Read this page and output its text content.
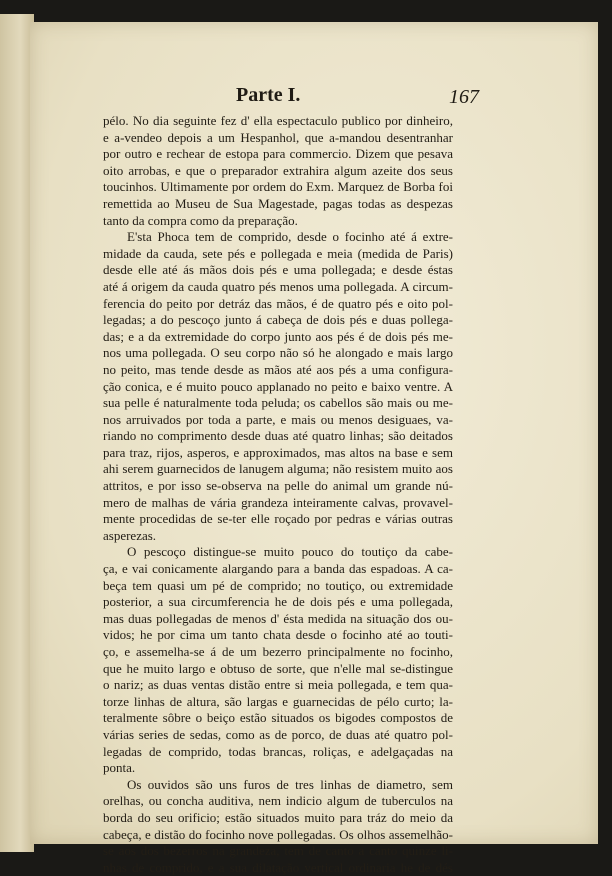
Parte I.	167
pélo. No dia seguinte fez d' ella espectaculo publico por dinheiro,
e a-vendeo depois a um Hespanhol, que a-mandou desentranhar
por outro e rechear de estopa para commercio. Dizem que pesava
oito arrobas, e que o preparador extrahira algum azeite dos seus
toucinhos. Ultimamente por ordem do Exm. Marquez de Borba foi
remettida ao Museu de Sua Magestade, pagas todas as despezas
tanto da compra como da preparação.
E'sta Phoca tem de comprido, desde o focinho até á extre-
midade da cauda, sete pés e pollegada e meia (medida de Paris)
desde elle até ás mãos dois pés e uma pollegada; e desde éstas
até á origem da cauda quatro pés menos uma pollegada. A circum-
ferencia do peito por detráz das mãos, é de quatro pés e oito pol-
legadas; a do pescoço junto á cabeça de dois pés e duas pollega-
das; e a da extremidade do corpo junto aos pés é de dois pés me-
nos uma pollegada. O seu corpo não só he alongado e mais largo
no peito, mas tende desde as mãos até aos pés a uma configura-
ção conica, e é muito pouco applanado no peito e baixo ventre. A
sua pelle é naturalmente toda peluda; os cabellos são mais ou me-
nos arruivados por toda a parte, e mais ou menos desiguaes, va-
riando no comprimento desde duas até quatro linhas; são deitados
para traz, rijos, asperos, e approximados, mas altos na base e sem
ahi serem guarnecidos de lanugem alguma; não resistem muito aos
attritos, e por isso se-observa na pelle do animal um grande nú-
mero de malhas de vária grandeza inteiramente calvas, provavel-
mente procedidas de se-ter elle roçado por pedras e várias outras
asperezas.
O pescoço distingue-se muito pouco do toutiço da cabe-
ça, e vai conicamente alargando para a banda das espadoas. A ca-
beça tem quasi um pé de comprido; no toutiço, ou extremidade
posterior, a sua circumferencia he de dois pés e uma pollegada,
mas duas pollegadas de menos d' ésta medida na situação dos ou-
vidos; he por cima um tanto chata desde o focinho até ao touti-
ço, e assemelha-se á de um bezerro principalmente no focinho,
que he muito largo e obtuso de sorte, que n'elle mal se-distingue
o nariz; as duas ventas distão entre si meia pollegada, e tem qua-
torze linhas de altura, são largas e guarnecidas de pélo curto; la-
teralmente sôbre o beiço estão situados os bigodes compostos de
várias series de sedas, como as de porco, de duas até quatro pol-
legadas de comprido, todas brancas, roliças, e adelgaçadas na
ponta.
Os ouvidos são uns furos de tres linhas de diametro, sem
orelhas, ou concha auditiva, nem indicio algum de tuberculos na
borda do seu orificio; estão situados muito para tráz do meio da
cabeça, e distão do focinho nove pollegadas. Os olhos assemelhão-
se aos dos bezerros na grandeza, tem de canto a canto quinze li-
nhas de comprido, e a sua dilatação vertical ordinaria he de dés
